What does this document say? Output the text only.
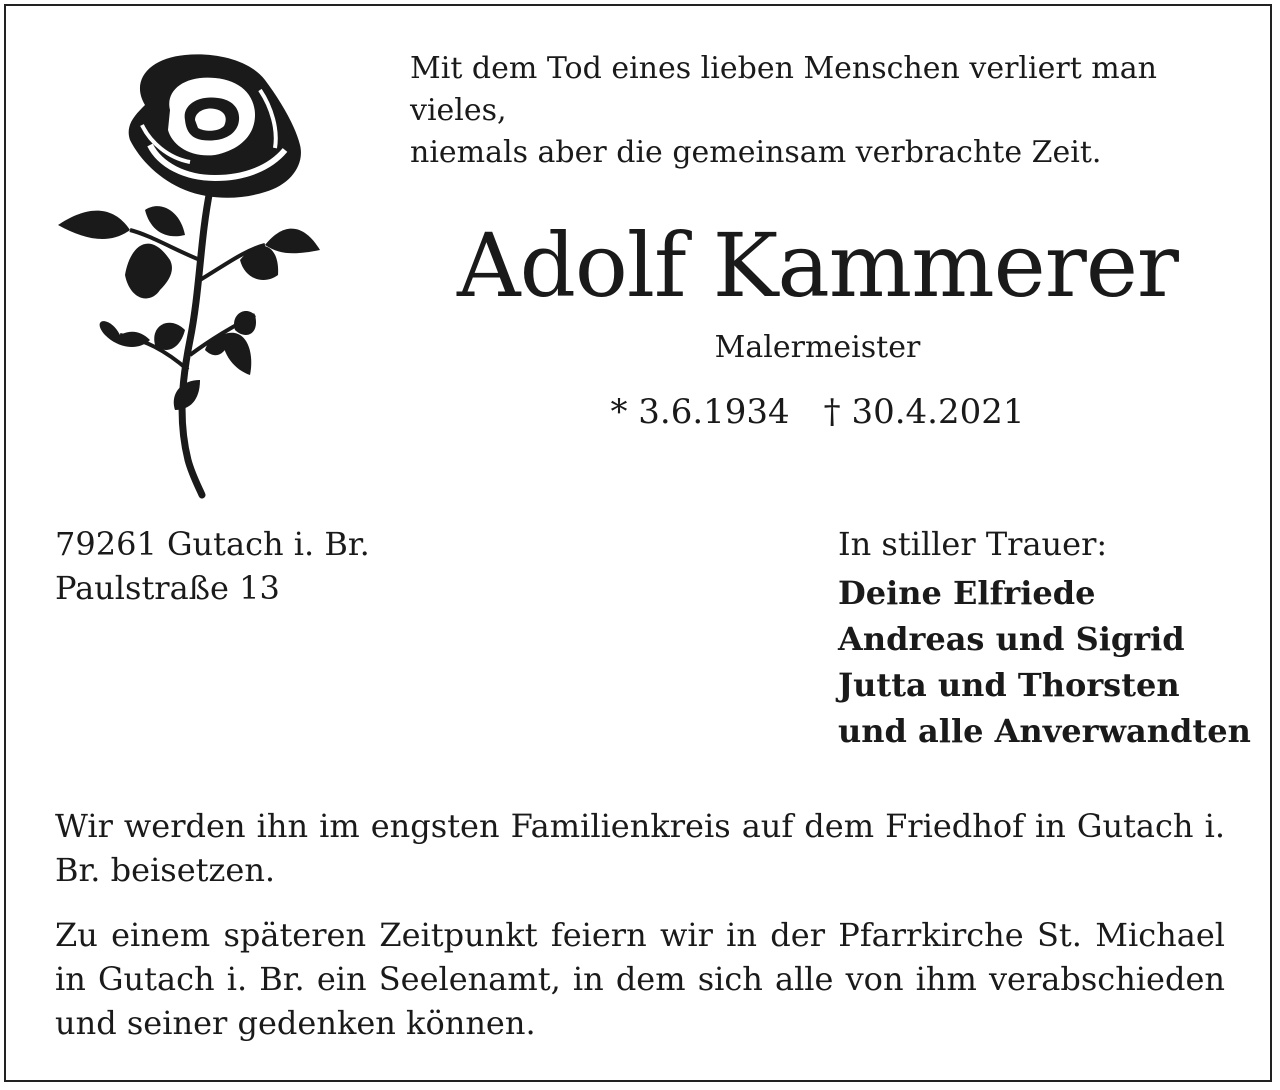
Mit dem Tod eines lieben Menschen verliert man vieles,
niemals aber die gemeinsam verbrachte Zeit.
Adolf Kammerer
Malermeister
* 3.6.1934 † 30.4.2021
79261 Gutach i. Br.
Paulstraße 13
In stiller Trauer:
Deine Elfriede
Andreas und Sigrid
Jutta und Thorsten
und alle Anverwandten
Wir werden ihn im engsten Familienkreis auf dem Friedhof in Gutach i. Br. beisetzen.
Zu einem späteren Zeitpunkt feiern wir in der Pfarrkirche St. Michael in Gutach i. Br. ein Seelenamt, in dem sich alle von ihm verabschieden und seiner gedenken können.
